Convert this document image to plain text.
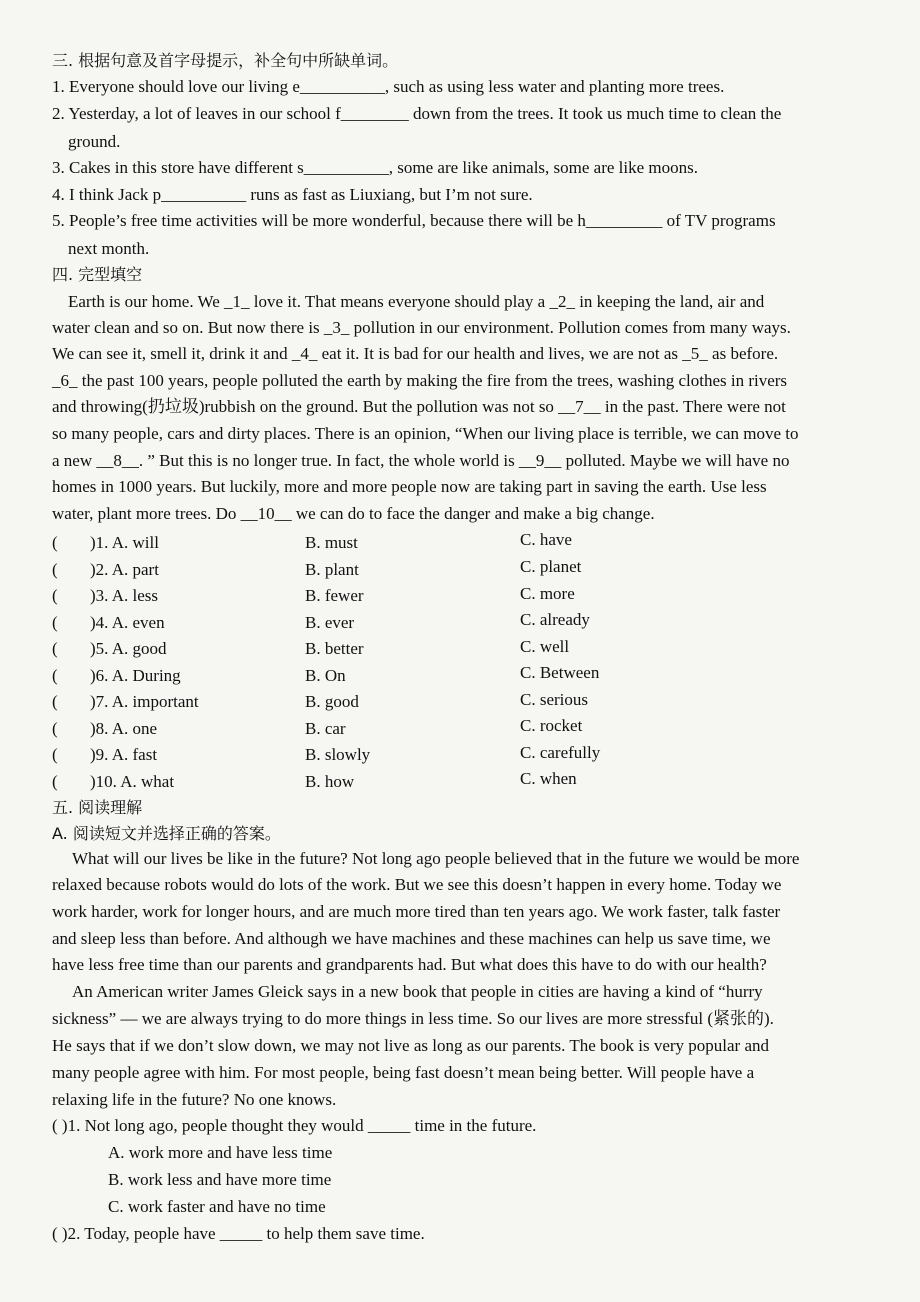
三. 根据句意及首字母提示，补全句中所缺单词。
1. Everyone should love our living e__________, such as using less water and planting more trees.
2. Yesterday, a lot of leaves in our school f________ down from the trees. It took us much time to clean the
ground.
3. Cakes in this store have different s__________, some are like animals, some are like moons.
4. I think Jack p__________ runs as fast as Liuxiang, but I’m not sure.
5. People’s free time activities will be more wonderful, because there will be h_________ of TV programs
next month.
四. 完型填空
Earth is our home. We _1_ love it. That means everyone should play a _2_ in keeping the land, air and
water clean and so on. But now there is _3_ pollution in our environment. Pollution comes from many ways.
We can see it, smell it, drink it and _4_ eat it. It is bad for our health and lives, we are not as _5_ as before.
_6_ the past 100 years, people polluted the earth by making the fire from the trees, washing clothes in rivers
and throwing(扔垃圾)rubbish on the ground. But the pollution was not so __7__ in the past. There were not
so many people, cars and dirty places. There is an opinion, “When our living place is terrible, we can move to
a new __8__. ” But this is no longer true. In fact, the whole world is __9__ polluted. Maybe we will have no
homes in 1000 years. But luckily, more and more people now are taking part in saving the earth. Use less
water, plant more trees. Do __10__ we can do to face the danger and make a big change.
( )1. A. will	B. must	C. have
( )2. A. part	B. plant	C. planet
( )3. A. less	B. fewer	C. more
( )4. A. even	B. ever	C. already
( )5. A. good	B. better	C. well
( )6. A. During	B. On	C. Between
( )7. A. important	B. good	C. serious
( )8. A. one	B. car	C. rocket
( )9. A. fast	B. slowly	C. carefully
( )10. A. what	B. how	C. when
五. 阅读理解
A. 阅读短文并选择正确的答案。
What will our lives be like in the future? Not long ago people believed that in the future we would be more
relaxed because robots would do lots of the work. But we see this doesn’t happen in every home. Today we
work harder, work for longer hours, and are much more tired than ten years ago. We work faster, talk faster
and sleep less than before. And although we have machines and these machines can help us save time, we
have less free time than our parents and grandparents had. But what does this have to do with our health?
An American writer James Gleick says in a new book that people in cities are having a kind of “hurry
sickness” — we are always trying to do more things in less time. So our lives are more stressful (紧张的).
He says that if we don’t slow down, we may not live as long as our parents. The book is very popular and
many people agree with him. For most people, being fast doesn’t mean being better. Will people have a
relaxing life in the future? No one knows.
( )1. Not long ago, people thought they would _____ time in the future.
A. work more and have less time
B. work less and have more time
C. work faster and have no time
( )2. Today, people have _____ to help them save time.
